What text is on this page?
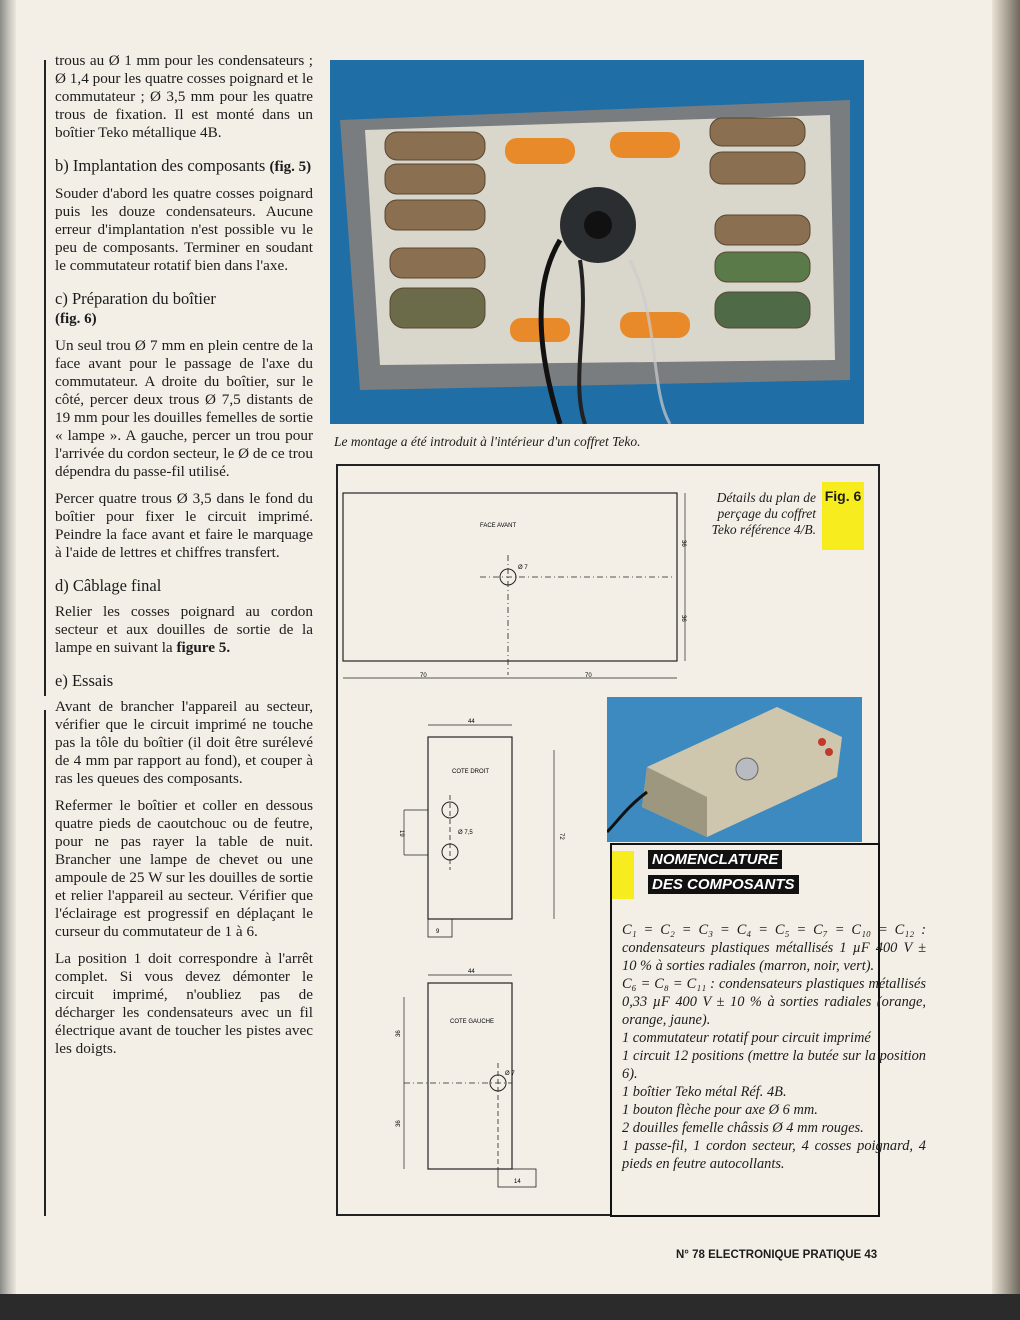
trous au Ø 1 mm pour les condensateurs ; Ø 1,4 pour les quatre cosses poignard et le commutateur ; Ø 3,5 mm pour les quatre trous de fixation. Il est monté dans un boîtier Teko métallique 4B.

b) Implantation des composants (fig. 5)

Souder d'abord les quatre cosses poignard puis les douze condensateurs. Aucune erreur d'implantation n'est possible vu le peu de composants. Terminer en soudant le commutateur rotatif bien dans l'axe.

c) Préparation du boîtier
(fig. 6)

Un seul trou Ø 7 mm en plein centre de la face avant pour le passage de l'axe du commutateur. A droite du boîtier, sur le côté, percer deux trous Ø 7,5 distants de 19 mm pour les douilles femelles de sortie « lampe ». A gauche, percer un trou pour l'arrivée du cordon secteur, le Ø de ce trou dépendra du passe-fil utilisé.

Percer quatre trous Ø 3,5 dans le fond du boîtier pour fixer le circuit imprimé. Peindre la face avant et faire le marquage à l'aide de lettres et chiffres transfert.

d) Câblage final

Relier les cosses poignard au cordon secteur et aux douilles de sortie de la lampe en suivant la figure 5.

e) Essais

Avant de brancher l'appareil au secteur, vérifier que le circuit imprimé ne touche pas la tôle du boîtier (il doit être surélevé de 4 mm par rapport au fond), et couper à ras les queues des composants.

Refermer le boîtier et coller en dessous quatre pieds de caoutchouc ou de feutre, pour ne pas rayer la table de nuit. Brancher une lampe de chevet ou une ampoule de 25 W sur les douilles de sortie et relier l'appareil au secteur. Vérifier que l'éclairage est progressif en déplaçant le curseur du commutateur de 1 à 6.

La position 1 doit correspondre à l'arrêt complet. Si vous devez démonter le circuit imprimé, n'oubliez pas de décharger les condensateurs avec un fil électrique avant de toucher les pistes avec les doigts.

Le montage a été introduit à l'intérieur d'un coffret Teko.
Fig. 6
Détails du plan de perçage du coffret Teko référence 4/B.
FACE AVANT
Ø 7
36
36
70	70
COTE DROIT
Ø 7,5
44
72
19
9
COTE GAUCHE
Ø 7
44
36
36
14
NOMENCLATURE
DES COMPOSANTS

C₁ = C₂ = C₃ = C₄ = C₅ = C₇ = C₁₀ = C₁₂ : condensateurs plastiques métallisés 1 µF 400 V ± 10 % à sorties radiales (marron, noir, vert).

C₆ = C₈ = C₁₁ : condensateurs plastiques métallisés 0,33 µF 400 V ± 10 % à sorties radiales (orange, orange, jaune).

1 commutateur rotatif pour circuit imprimé

1 circuit 12 positions (mettre la butée sur la position 6).

1 boîtier Teko métal Réf. 4B.

1 bouton flèche pour axe Ø 6 mm.

2 douilles femelle châssis Ø 4 mm rouges.

1 passe-fil, 1 cordon secteur, 4 cosses poignard, 4 pieds en feutre autocollants.

N° 78 ELECTRONIQUE PRATIQUE 43
